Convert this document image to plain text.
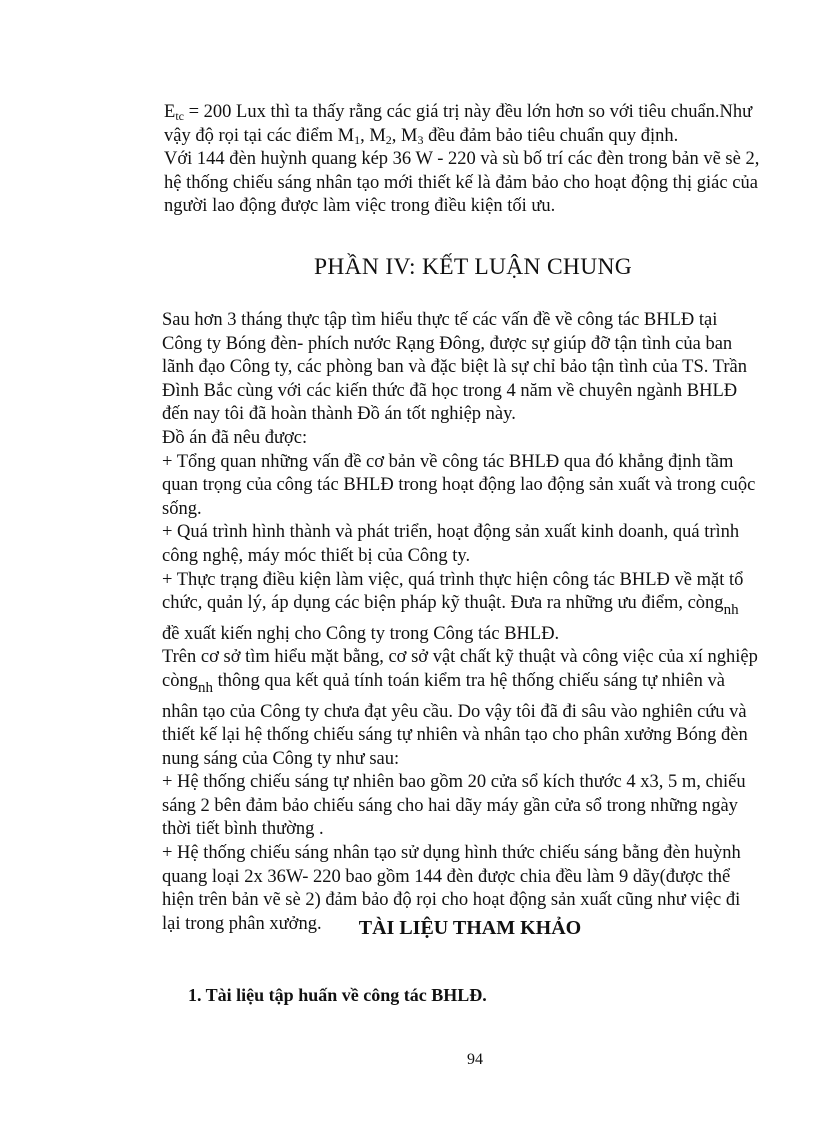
$E_{tc} = 200$ Lux thì ta thấy rằng các giá trị này đều lớn hơn so với tiêu chuẩn.Như
vậy độ rọi tại các điểm $M_1$, $M_2$, $M_3$ đều đảm bảo tiêu chuẩn quy định.
Với 144 đèn huỳnh quang kép 36 W - 220 và sù bố trí các đèn trong bản vẽ sè 2,
hệ thống chiếu sáng nhân tạo mới thiết kế là đảm bảo cho hoạt động thị giác của
người lao động được làm việc trong điều kiện tối ưu.
PHẦN IV: KẾT LUẬN CHUNG
Sau hơn 3 tháng thực tập tìm hiểu thực tế các vấn đề về công tác BHLĐ tại
Công ty Bóng đèn- phích nước Rạng Đông, được sự giúp đỡ tận tình của ban
lãnh đạo Công ty, các phòng ban và đặc biệt là sự chỉ bảo tận tình của TS. Trần
Đình Bắc cùng với các kiến thức đã học trong 4 năm về chuyên ngành BHLĐ
đến nay tôi đã hoàn thành Đồ án tốt nghiệp này.
Đồ án đã nêu được:
+ Tổng quan những vấn đề cơ bản về công tác BHLĐ qua đó khẳng định tầm
quan trọng của công tác BHLĐ trong hoạt động lao động sản xuất và trong cuộc
sống.
+ Quá trình hình thành và phát triển, hoạt động sản xuất kinh doanh, quá trình
công nghệ, máy móc thiết bị của Công ty.
+ Thực trạng điều kiện làm việc, quá trình thực hiện công tác BHLĐ về mặt tổ
chức, quản lý, áp dụng các biện pháp kỹ thuật. Đưa ra những ưu điểm, còng$_{nh}$
đề xuất kiến nghị cho Công ty trong Công tác BHLĐ.
Trên cơ sở tìm hiểu mặt bằng, cơ sở vật chất kỹ thuật và công việc của xí nghiệp
còng$_{nh}$ thông qua kết quả tính toán kiểm tra hệ thống chiếu sáng tự nhiên và
nhân tạo của Công ty chưa đạt yêu cầu. Do vậy tôi đã đi sâu vào nghiên cứu và
thiết kế lại hệ thống chiếu sáng tự nhiên và nhân tạo cho phân xưởng Bóng đèn
nung sáng của Công ty như sau:
+ Hệ thống chiếu sáng tự nhiên bao gồm 20 cửa sổ kích thước 4 x3, 5 m, chiếu
sáng 2 bên đảm bảo chiếu sáng cho hai dãy máy gần cửa sổ trong những ngày
thời tiết bình thường .
+ Hệ thống chiếu sáng nhân tạo sử dụng hình thức chiếu sáng bằng đèn huỳnh
quang loại 2x 36W- 220 bao gồm 144 đèn được chia đều làm 9 dãy(được thể
hiện trên bản vẽ sè 2) đảm bảo độ rọi cho hoạt động sản xuất cũng như việc đi
lại trong phân xưởng.	TÀI LIỆU THAM KHẢO
1. Tài liệu tập huấn về công tác BHLĐ.
94
